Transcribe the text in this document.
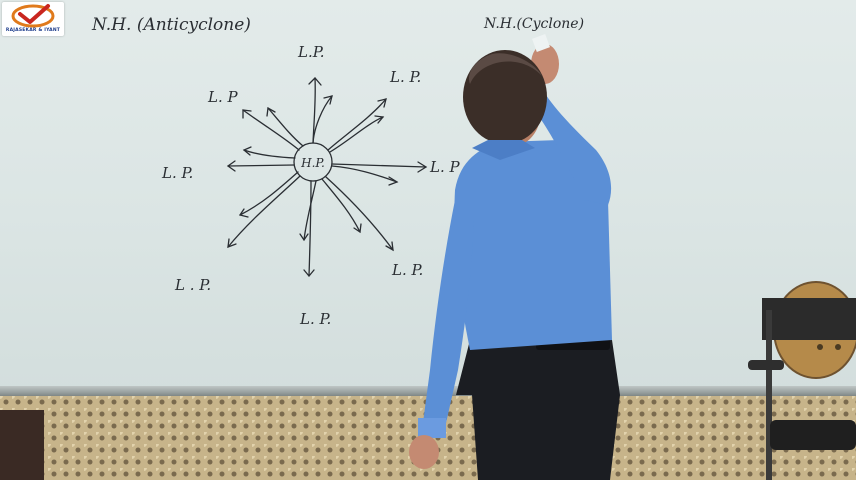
N.H. (Anticyclone)	N.H.(Cyclone)
H.P.
L.P.
L. P.
L. P
L. P.	L. P
L. P.
L . P.
L. P.
RAJASEKAR & IYANT
